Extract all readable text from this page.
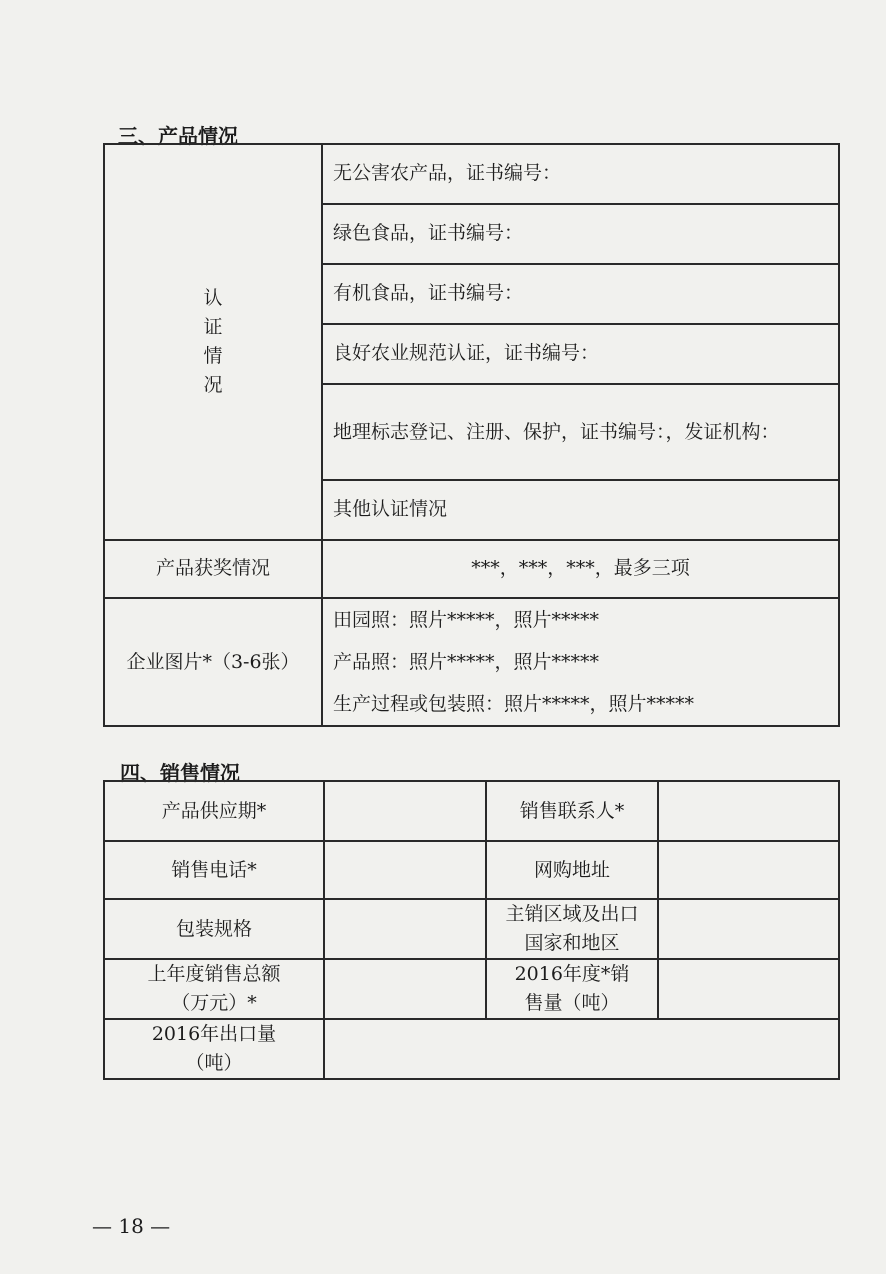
三、产品情况
认
证
情
况	无公害农产品，证书编号：
	绿色食品，证书编号：
	有机食品，证书编号：
	良好农业规范认证，证书编号：
	地理标志登记、注册、保护，证书编号：，发证机构：
	其他认证情况
产品获奖情况	***，***，***，最多三项
企业图片*（3-6张）	田园照：照片*****，照片*****
产品照：照片*****，照片*****
生产过程或包装照：照片*****，照片*****
四、销售情况
产品供应期*		销售联系人*	
销售电话*		网购地址	
包装规格		主销区域及出口国家和地区	
上年度销售总额（万元）*		2016年度*销售量（吨）	
2016年出口量（吨）			
— 18 —
